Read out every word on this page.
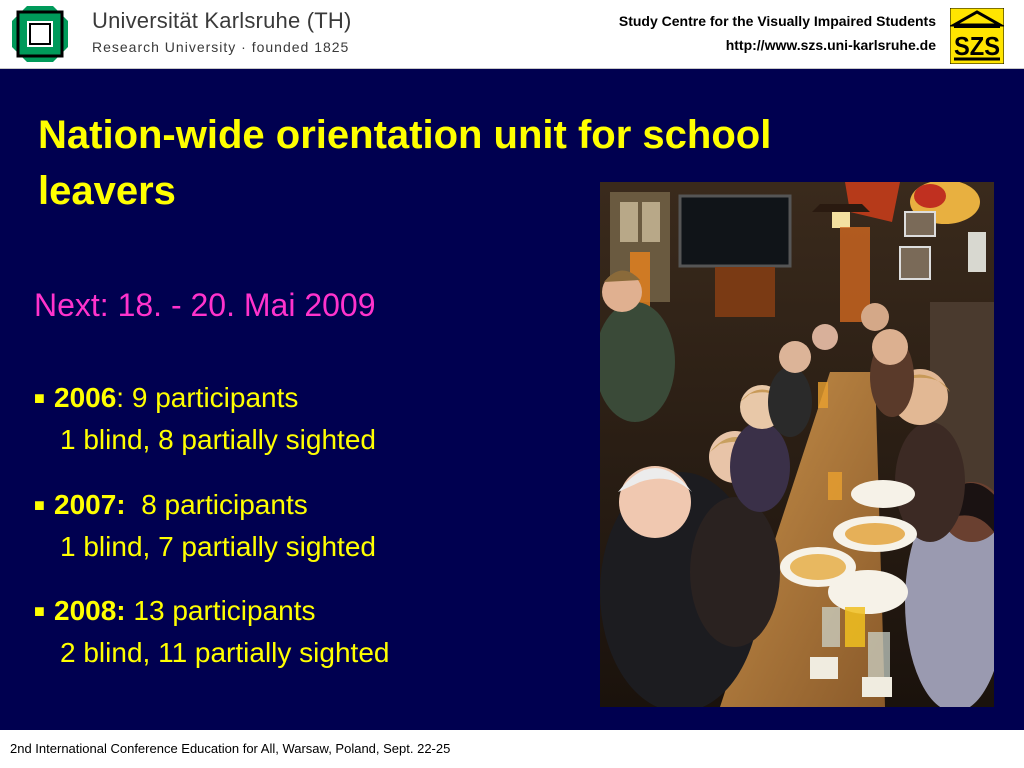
Universität Karlsruhe (TH)
Research University · founded 1825
Study Centre for the Visually Impaired Students
http://www.szs.uni-karlsruhe.de SZS
Nation-wide orientation unit for school leavers
Next: 18. - 20. Mai 2009
■ 2006: 9 participants
1 blind, 8 partially sighted
■ 2007: 8 participants
1 blind, 7 partially sighted
■ 2008: 13 participants
2 blind, 11 partially sighted
2nd International Conference Education for All, Warsaw, Poland, Sept. 22-25
